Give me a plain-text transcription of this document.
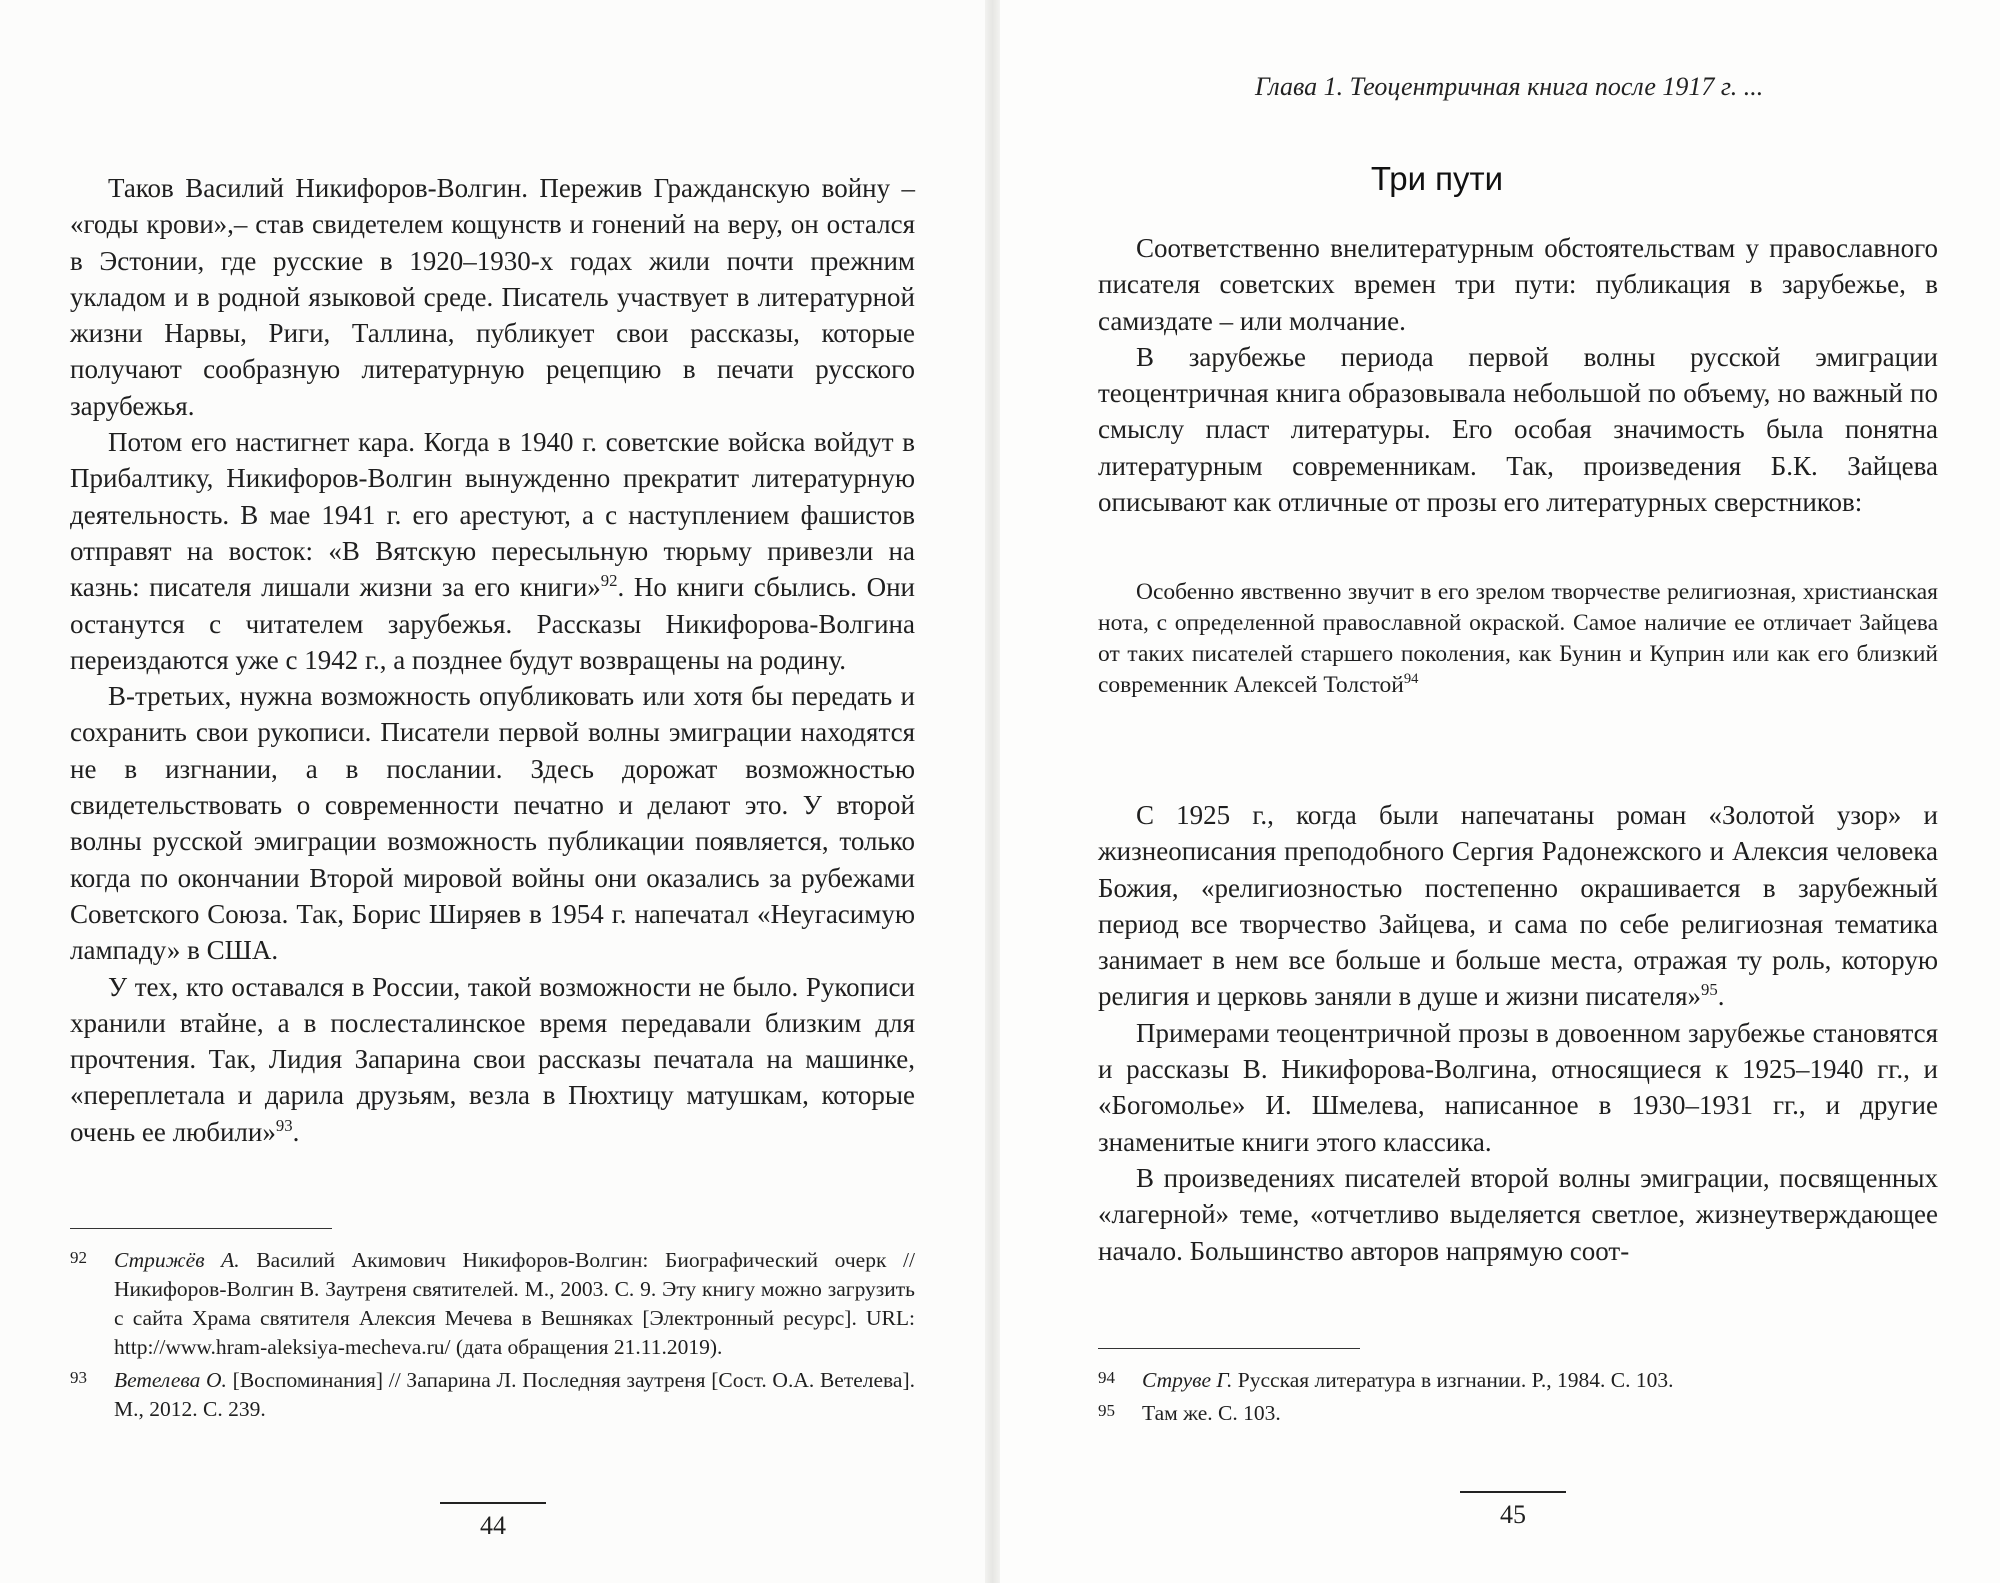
Глава 1. Теоцентричная книга после 1917 г. ...

Таков Василий Никифоров-Волгин. Пережив Гражданскую войну – «годы крови»,– став свидетелем кощунств и гонений на веру, он остался в Эстонии, где русские в 1920–1930-х годах жили почти прежним укладом и в родной языковой среде. Писатель участвует в литературной жизни Нарвы, Риги, Таллина, публикует свои рассказы, которые получают сообразную литературную рецепцию в печати русского зарубежья.

Потом его настигнет кара. Когда в 1940 г. советские войска войдут в Прибалтику, Никифоров-Волгин вынужденно прекратит литературную деятельность. В мае 1941 г. его арестуют, а с наступлением фашистов отправят на восток: «В Вятскую пересыльную тюрьму привезли на казнь: писателя лишали жизни за его книги»$^{92}$. Но книги сбылись. Они останутся с читателем зарубежья. Рассказы Никифорова-Волгина переиздаются уже с 1942 г., а позднее будут возвращены на родину.

В-третьих, нужна возможность опубликовать или хотя бы передать и сохранить свои рукописи. Писатели первой волны эмиграции находятся не в изгнании, а в послании. Здесь дорожат возможностью свидетельствовать о современности печатно и делают это. У второй волны русской эмиграции возможность публикации появляется, только когда по окончании Второй мировой войны они оказались за рубежами Советского Союза. Так, Борис Ширяев в 1954 г. напечатал «Неугасимую лампаду» в США.

У тех, кто оставался в России, такой возможности не было. Рукописи хранили втайне, а в послесталинское время передавали близким для прочтения. Так, Лидия Запарина свои рассказы печатала на машинке, «переплетала и дарила друзьям, везла в Пюхтицу матушкам, которые очень ее любили»$^{93}$.

92	Стрижёв А. Василий Акимович Никифоров-Волгин: Биографический очерк // Никифоров-Волгин В. Заутреня святителей. М., 2003. С. 9. Эту книгу можно загрузить с сайта Храма святителя Алексия Мечева в Вешняках [Электронный ресурс]. URL: http://www.hram-aleksiya-mecheva.ru/ (дата обращения 21.11.2019).
93	Ветелева О. [Воспоминания] // Запарина Л. Последняя заутреня [Сост. О.А. Ветелева]. М., 2012. С. 239.
44
Три пути

Соответственно внелитературным обстоятельствам у православного писателя советских времен три пути: публикация в зарубежье, в самиздате – или молчание.

В зарубежье периода первой волны русской эмиграции теоцентричная книга образовывала небольшой по объему, но важный по смыслу пласт литературы. Его особая значимость была понятна литературным современникам. Так, произведения Б.К. Зайцева описывают как отличные от прозы его литературных сверстников:

Особенно явственно звучит в его зрелом творчестве религиозная, христианская нота, с определенной православной окраской. Самое наличие ее отличает Зайцева от таких писателей старшего поколения, как Бунин и Куприн или как его близкий современник Алексей Толстой$^{94}$

С 1925 г., когда были напечатаны роман «Золотой узор» и жизнеописания преподобного Сергия Радонежского и Алексия человека Божия, «религиозностью постепенно окрашивается в зарубежный период все творчество Зайцева, и сама по себе религиозная тематика занимает в нем все больше и больше места, отражая ту роль, которую религия и церковь заняли в душе и жизни писателя»$^{95}$.

Примерами теоцентричной прозы в довоенном зарубежье становятся и рассказы В. Никифорова-Волгина, относящиеся к 1925–1940 гг., и «Богомолье» И. Шмелева, написанное в 1930–1931 гг., и другие знаменитые книги этого классика.

В произведениях писателей второй волны эмиграции, посвященных «лагерной» теме, «отчетливо выделяется светлое, жизнеутверждающее начало. Большинство авторов напрямую соот-

94	Струве Г. Русская литература в изгнании. Р., 1984. С. 103.
95	Там же. С. 103.
45
